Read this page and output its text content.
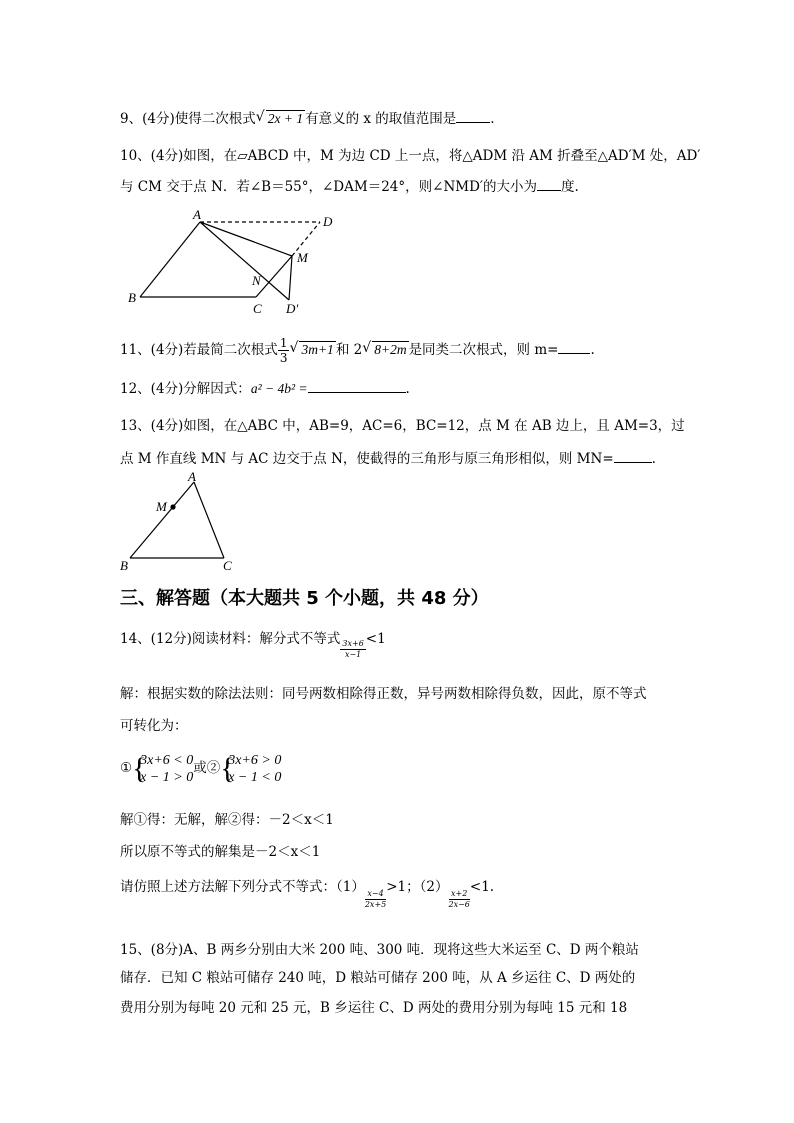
9、(4分)使得二次根式 √ 2x + 1 有意义的 x 的取值范围是	.
10、(4分)如图，在▱ABCD 中，M 为边 CD 上一点，将△ADM 沿 AM 折叠至△AD′M 处，AD′
与 CM 交于点 N．若∠B＝55°，∠DAM＝24°，则∠NMD′的大小为 度.
A	D
M
N
B
C D′
11、(4分)若最简二次根式 $\frac{1}{3}$ √ 3m+1 和 2 √ 8+2m 是同类二次根式，则 m= .
12、(4分)分解因式：a² − 4b² =	.
13、(4分)如图，在△ABC 中，AB=9，AC=6，BC=12，点 M 在 AB 边上，且 AM=3，过
点 M 作直线 MN 与 AC 边交于点 N，使截得的三角形与原三角形相似，则 MN=	.
A
M
B	C
三、解答题（本大题共 5 个小题，共 48 分）
14、(12分)阅读材料：解分式不等式 $\frac{3x+6}{x-1} <1$
解：根据实数的除法法则：同号两数相除得正数，异号两数相除得负数，因此，原不等式
可转化为：
① {
3x+6 < 0
x − 1 > 0
或② {
3x+6 > 0
x − 1 < 0
解①得：无解，解②得：－2＜x＜1
所以原不等式的解集是－2＜x＜1
请仿照上述方法解下列分式不等式：（1）
$\frac{x-4}{2x+5}$
>1；（2）
$\frac{x+2}{2x-6}$
<1.
15、(8分)A、B 两乡分别由大米 200 吨、300 吨．现将这些大米运至 C、D 两个粮站
储存．已知 C 粮站可储存 240 吨，D 粮站可储存 200 吨，从 A 乡运往 C、D 两处的
费用分别为每吨 20 元和 25 元，B 乡运往 C、D 两处的费用分别为每吨 15 元和 18
